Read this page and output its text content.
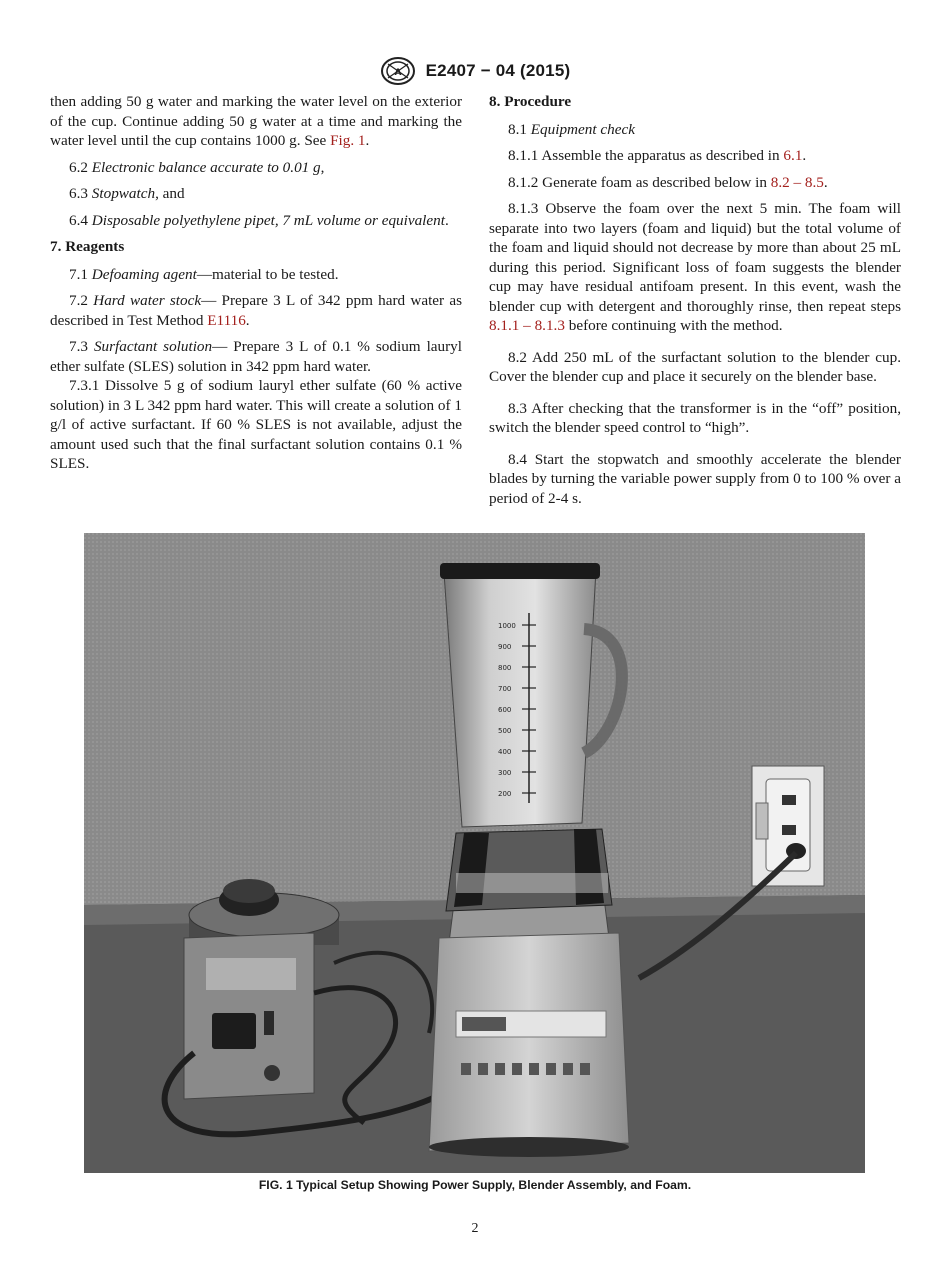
A E2407 − 04 (2015)

then adding 50 g water and marking the water level on the exterior of the cup. Continue adding 50 g water at a time and marking the water level until the cup contains 1000 g. See Fig. 1.

6.2 Electronic balance accurate to 0.01 g,

6.3 Stopwatch, and

6.4 Disposable polyethylene pipet, 7 mL volume or equivalent.

7. Reagents

7.1 Defoaming agent—material to be tested.

7.2 Hard water stock— Prepare 3 L of 342 ppm hard water as described in Test Method E1116.

7.3 Surfactant solution— Prepare 3 L of 0.1 % sodium lauryl ether sulfate (SLES) solution in 342 ppm hard water.

7.3.1 Dissolve 5 g of sodium lauryl ether sulfate (60 % active solution) in 3 L 342 ppm hard water. This will create a solution of 1 g/l of active surfactant. If 60 % SLES is not available, adjust the amount used such that the final surfactant solution contains 0.1 % SLES.

8. Procedure

8.1 Equipment check

8.1.1 Assemble the apparatus as described in 6.1.

8.1.2 Generate foam as described below in 8.2 – 8.5.

8.1.3 Observe the foam over the next 5 min. The foam will separate into two layers (foam and liquid) but the total volume of the foam and liquid should not decrease by more than about 25 mL during this period. Significant loss of foam suggests the blender cup may have residual antifoam present. In this event, wash the blender cup with detergent and thoroughly rinse, then repeat steps 8.1.1 – 8.1.3 before continuing with the method.

8.2 Add 250 mL of the surfactant solution to the blender cup. Cover the blender cup and place it securely on the blender base.

8.3 After checking that the transformer is in the “off” position, switch the blender speed control to “high”.

8.4 Start the stopwatch and smoothly accelerate the blender blades by turning the variable power supply from 0 to 100 % over a period of 2-4 s.

1000
900
800
700
600
500
400
300
200
FIG. 1 Typical Setup Showing Power Supply, Blender Assembly, and Foam.
2
